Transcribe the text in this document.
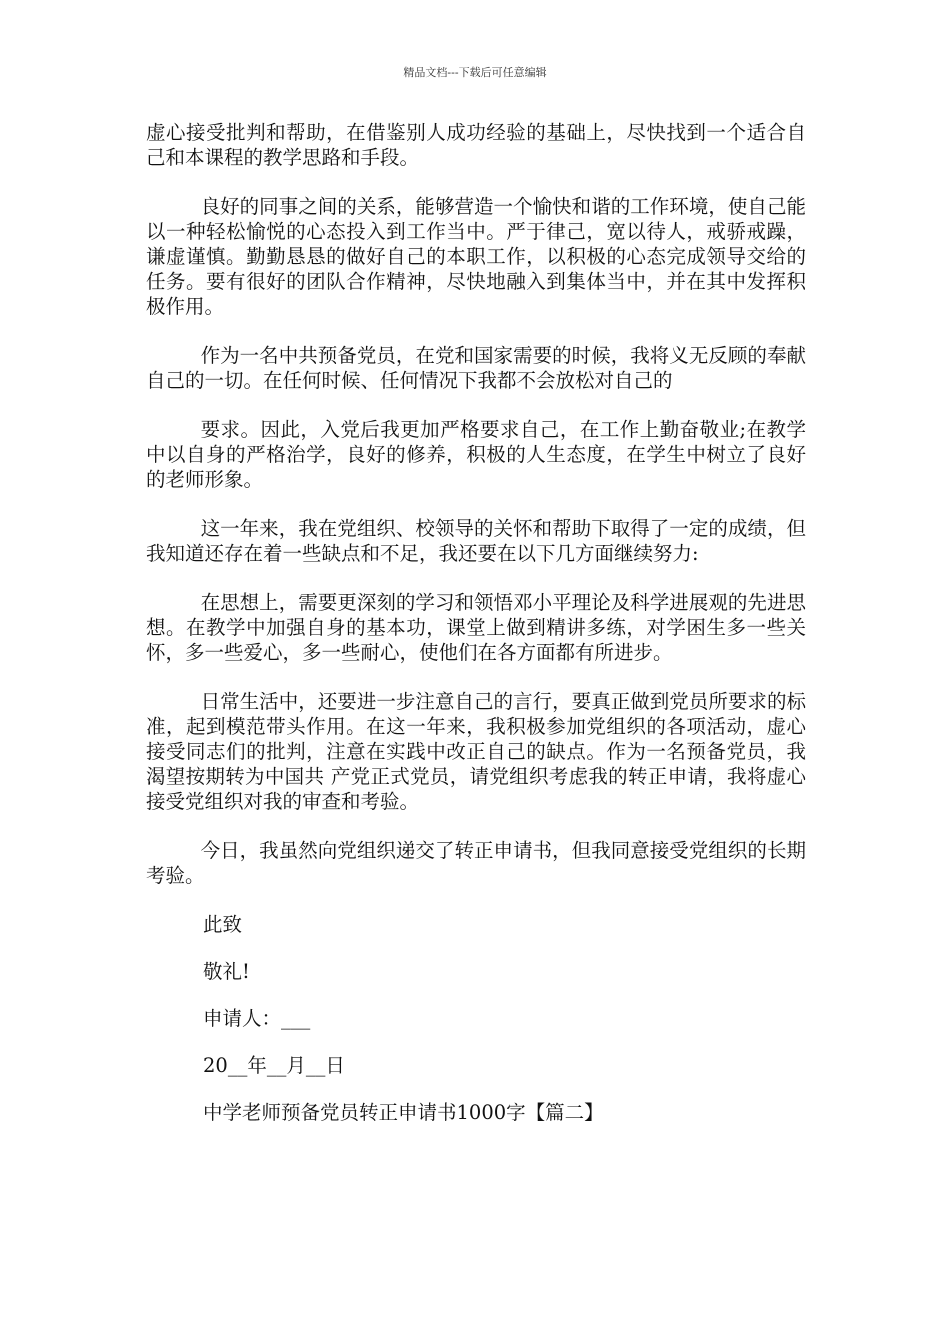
精品文档---下载后可任意编辑

虚心接受批判和帮助，在借鉴别人成功经验的基础上，尽快找到一个适合自己和本课程的教学思路和手段。

良好的同事之间的关系，能够营造一个愉快和谐的工作环境，使自己能以一种轻松愉悦的心态投入到工作当中。严于律己，宽以待人，戒骄戒躁，谦虚谨慎。勤勤恳恳的做好自己的本职工作，以积极的心态完成领导交给的任务。要有很好的团队合作精神，尽快地融入到集体当中，并在其中发挥积极作用。

作为一名中共预备党员，在党和国家需要的时候，我将义无反顾的奉献自己的一切。在任何时候、任何情况下我都不会放松对自己的

要求。因此，入党后我更加严格要求自己，在工作上勤奋敬业;在教学中以自身的严格治学，良好的修养，积极的人生态度，在学生中树立了良好的老师形象。

这一年来，我在党组织、校领导的关怀和帮助下取得了一定的成绩，但我知道还存在着一些缺点和不足，我还要在以下几方面继续努力:

在思想上，需要更深刻的学习和领悟邓小平理论及科学进展观的先进思想。在教学中加强自身的基本功，课堂上做到精讲多练，对学困生多一些关怀，多一些爱心，多一些耐心，使他们在各方面都有所进步。

日常生活中，还要进一步注意自己的言行，要真正做到党员所要求的标准，起到模范带头作用。在这一年来，我积极参加党组织的各项活动，虚心接受同志们的批判，注意在实践中改正自己的缺点。作为一名预备党员，我渴望按期转为中国共 产党正式党员，请党组织考虑我的转正申请，我将虚心接受党组织对我的审查和考验。

今日，我虽然向党组织递交了转正申请书，但我同意接受党组织的长期考验。

此致

敬礼!

申请人：___

20__年__月__日

中学老师预备党员转正申请书1000字【篇二】
